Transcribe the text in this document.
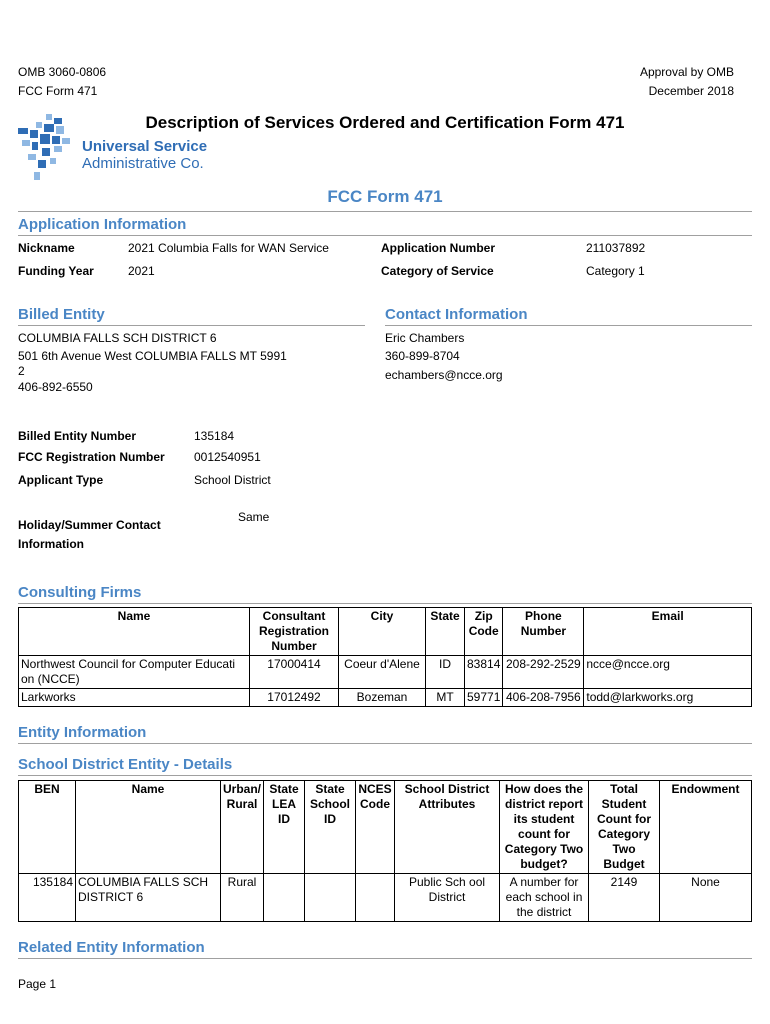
OMB 3060-0806
FCC Form 471
Approval by OMB
December 2018
Universal Service
Administrative Co.
Description of Services Ordered and Certification Form 471
FCC Form 471
Application Information
Nickname	2021 Columbia Falls for WAN Service
Funding Year	2021
Application Number	211037892
Category of Service	Category 1
Billed Entity
COLUMBIA FALLS SCH DISTRICT 6
501 6th Avenue West COLUMBIA FALLS MT 5991
2
406-892-6550
Contact Information
Eric Chambers
360-899-8704
echambers@ncce.org
Billed Entity Number	135184
FCC Registration Number 0012540951
Applicant Type	School District
Holiday/Summer Contact
Information
Same
Consulting Firms
Name	Consultant Registration Number	City	State	Zip Code	Phone Number	Email
Northwest Council for Computer Educati on (NCCE)	17000414	Coeur d'Alene	ID	83814	208-292-2529	ncce@ncce.org
Larkworks	17012492	Bozeman	MT	59771	406-208-7956	todd@larkworks.org
Entity Information
School District Entity - Details
BEN	Name	Urban/ Rural	State LEA ID	State School ID	NCES Code	School District Attributes	How does the district report its student count for Category Two budget?	Total Student Count for Category Two Budget	Endowment
135184	COLUMBIA FALLS SCH DISTRICT 6	Rural				Public Sch ool District	A number for each school in the district	2149	None
Related Entity Information
Page 1
